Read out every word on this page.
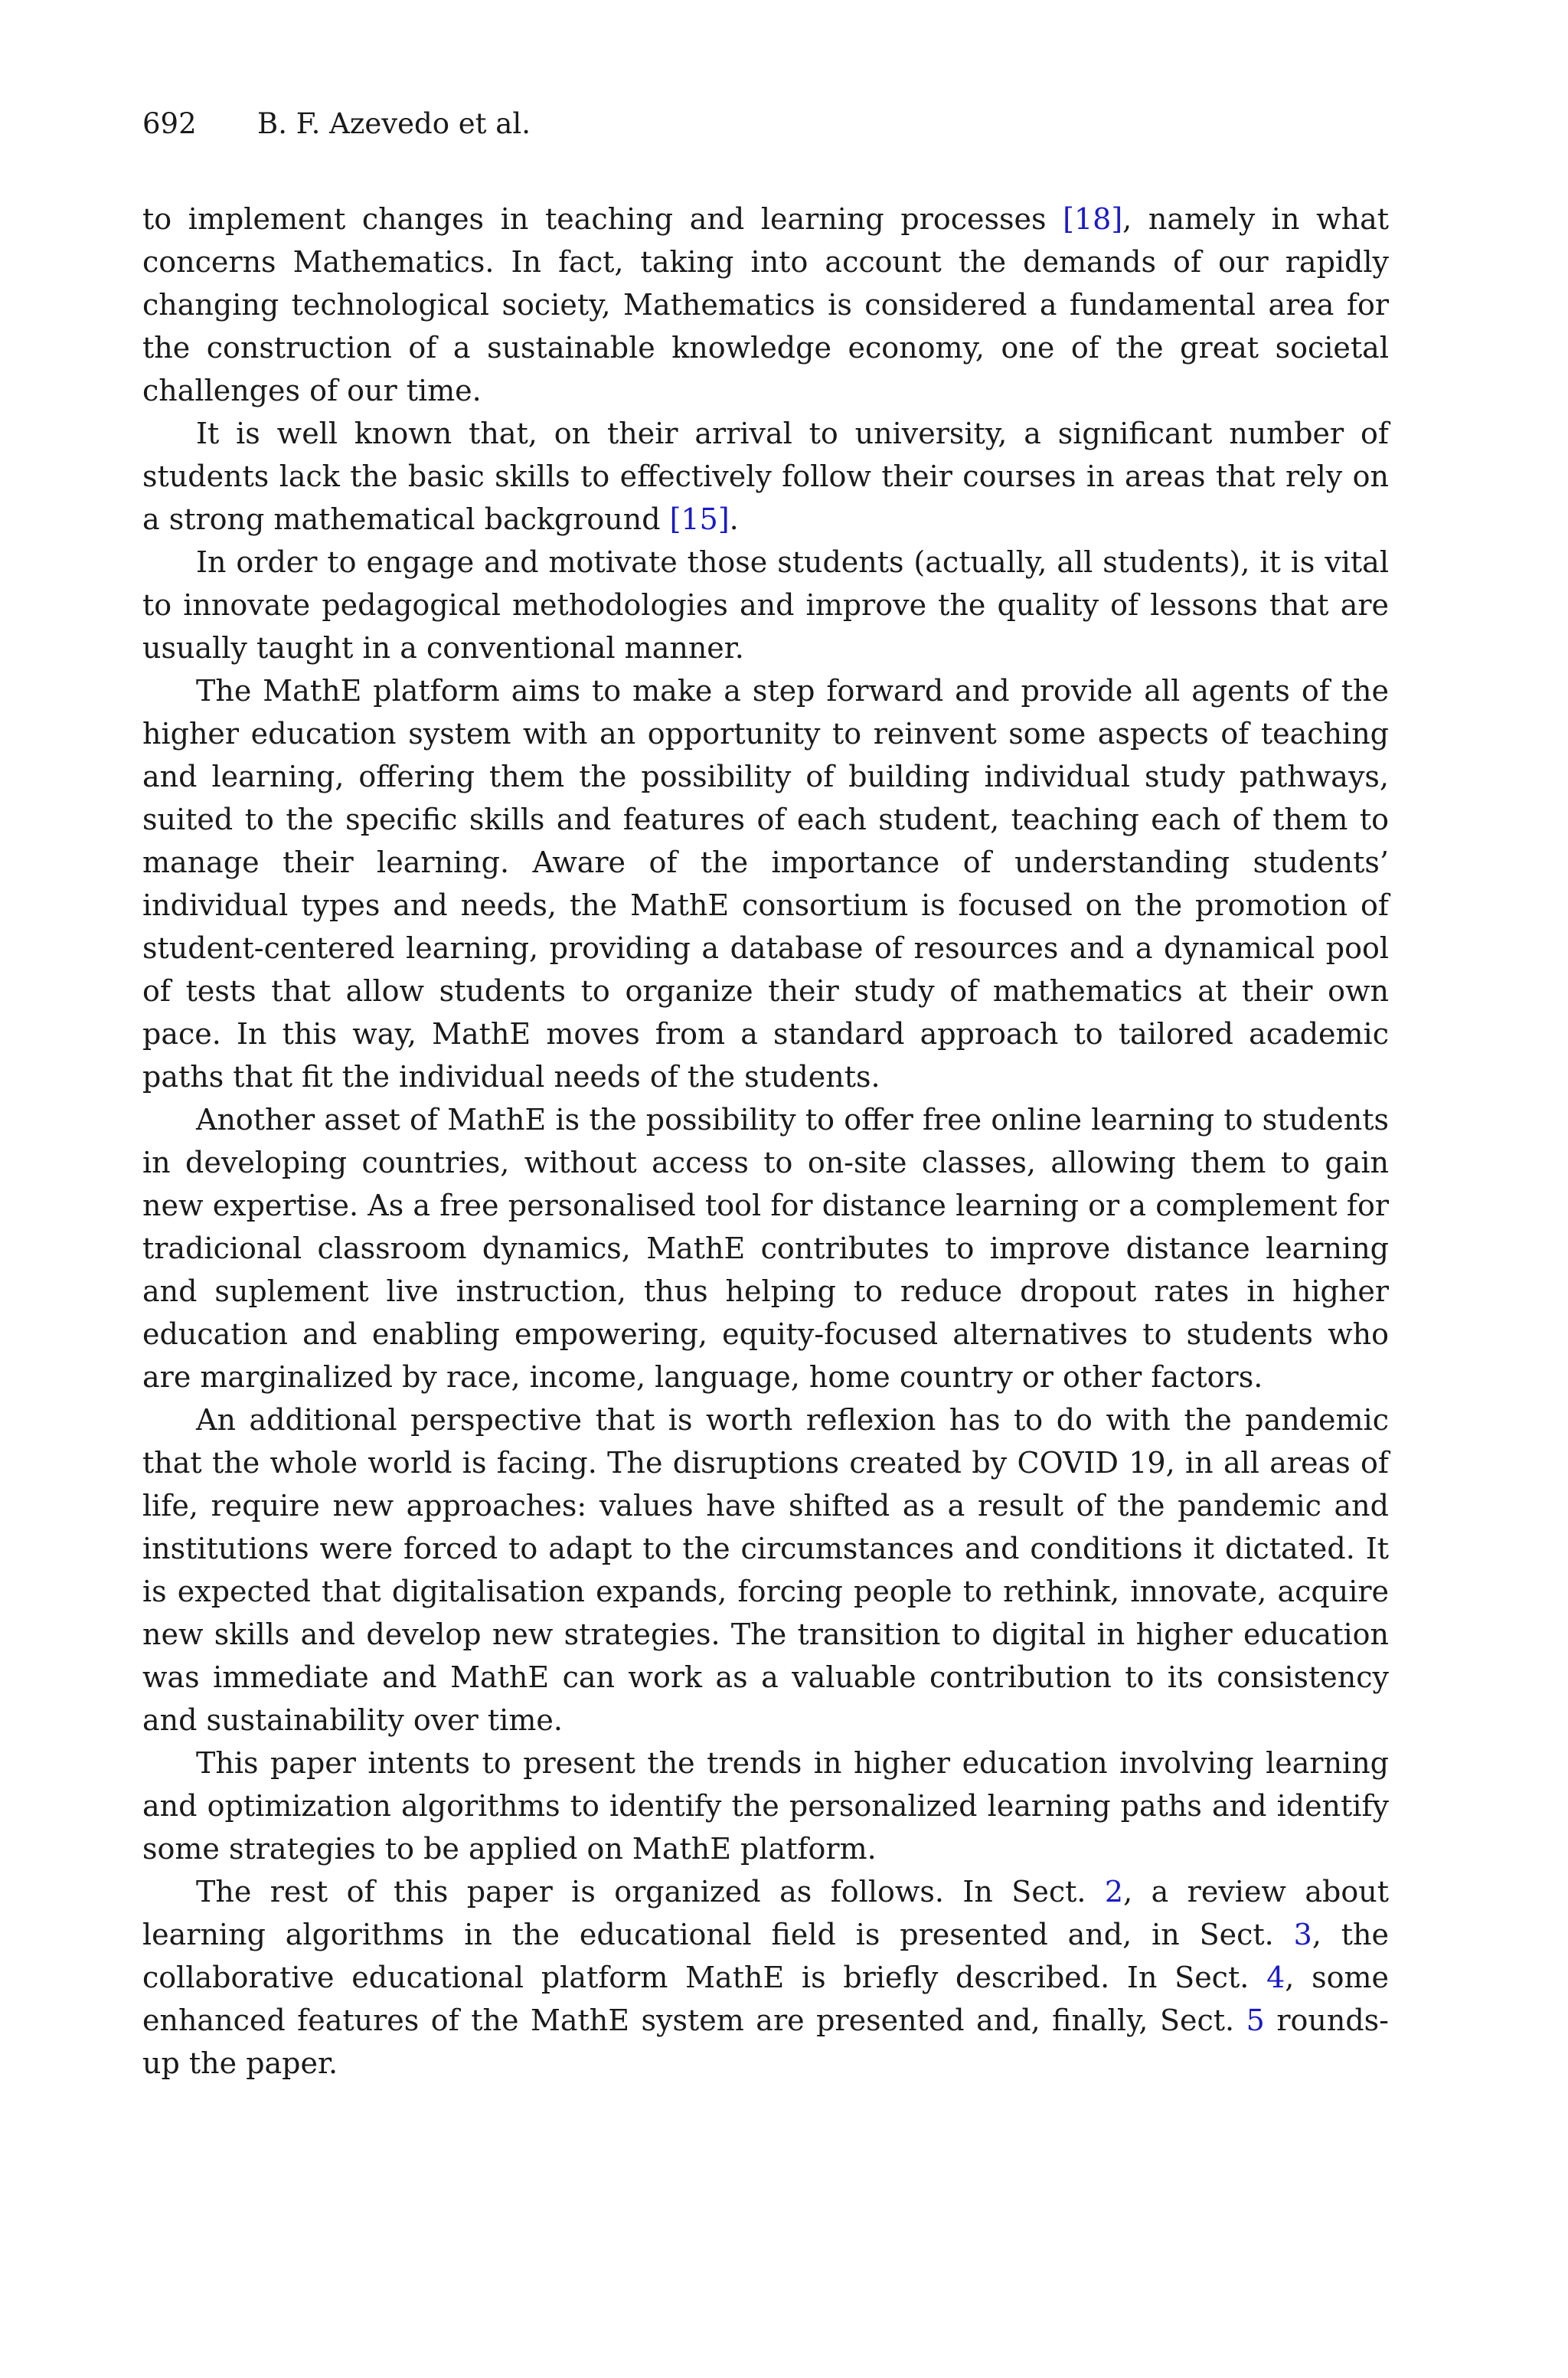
692 B. F. Azevedo et al.

to implement changes in teaching and learning processes [18], namely in what concerns Mathematics. In fact, taking into account the demands of our rapidly changing technological society, Mathematics is considered a fundamental area for the construction of a sustainable knowledge economy, one of the great societal challenges of our time.

It is well known that, on their arrival to university, a significant number of students lack the basic skills to effectively follow their courses in areas that rely on a strong mathematical background [15].

In order to engage and motivate those students (actually, all students), it is vital to innovate pedagogical methodologies and improve the quality of lessons that are usually taught in a conventional manner.

The MathE platform aims to make a step forward and provide all agents of the higher education system with an opportunity to reinvent some aspects of teaching and learning, offering them the possibility of building individual study pathways, suited to the specific skills and features of each student, teaching each of them to manage their learning. Aware of the importance of understanding students’ individual types and needs, the MathE consortium is focused on the promotion of student-centered learning, providing a database of resources and a dynamical pool of tests that allow students to organize their study of mathematics at their own pace. In this way, MathE moves from a standard approach to tailored academic paths that fit the individual needs of the students.

Another asset of MathE is the possibility to offer free online learning to students in developing countries, without access to on-site classes, allowing them to gain new expertise. As a free personalised tool for distance learning or a complement for tradicional classroom dynamics, MathE contributes to improve distance learning and suplement live instruction, thus helping to reduce dropout rates in higher education and enabling empowering, equity-focused alternatives to students who are marginalized by race, income, language, home country or other factors.

An additional perspective that is worth reflexion has to do with the pandemic that the whole world is facing. The disruptions created by COVID 19, in all areas of life, require new approaches: values have shifted as a result of the pandemic and institutions were forced to adapt to the circumstances and conditions it dictated. It is expected that digitalisation expands, forcing people to rethink, innovate, acquire new skills and develop new strategies. The transition to digital in higher education was immediate and MathE can work as a valuable contribution to its consistency and sustainability over time.

This paper intents to present the trends in higher education involving learning and optimization algorithms to identify the personalized learning paths and identify some strategies to be applied on MathE platform.

The rest of this paper is organized as follows. In Sect. 2, a review about learning algorithms in the educational field is presented and, in Sect. 3, the collaborative educational platform MathE is briefly described. In Sect. 4, some enhanced features of the MathE system are presented and, finally, Sect. 5 rounds-up the paper.
